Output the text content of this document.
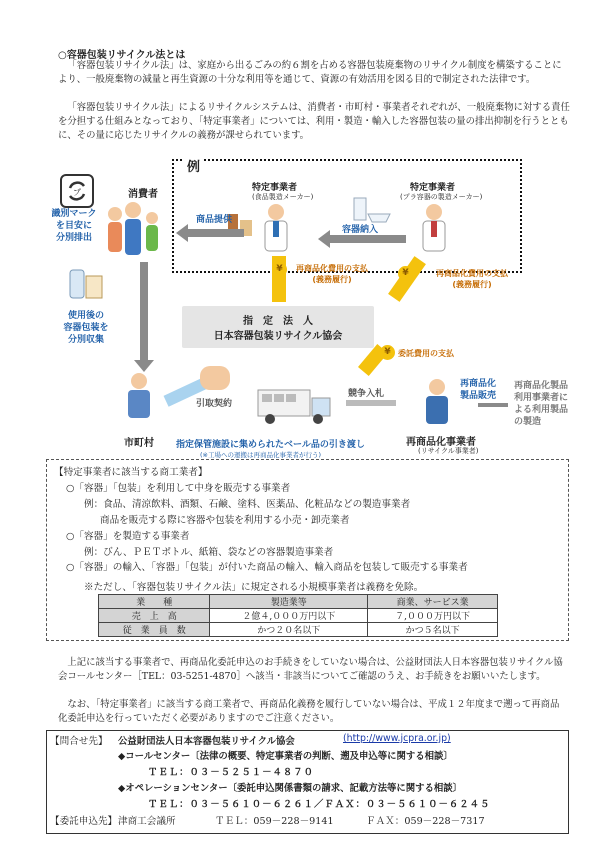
○容器包装リサイクル法とは
「容器包装リサイクル法」は、家庭から出るごみの約６割を占める容器包装廃棄物のリサイクル制度を構築することにより、一般廃棄物の減量と再生資源の十分な利用等を通じて、資源の有効活用を図る目的で制定された法律です。
「容器包装リサイクル法」によるリサイクルシステムは、消費者・市町村・事業者それぞれが、一般廃棄物に対する責任を分担する仕組みとなっており、「特定事業者」については、利用・製造・輸入した容器包装の量の排出抑制を行うとともに、その量に応じたリサイクルの義務が課せられています。
例
プ	消費者
識別マーク
を目安に
分別排出
使用後の
容器包装を
分別収集
特定事業者
(食品製造メーカー)
特定事業者
(プラ容器の製造メーカー)
商品提供
容器納入
¥	再商品化費用の支払
(義務履行)
¥	再商品化費用の支払
(義務履行)
指　定　法　人
日本容器包装リサイクル協会
¥ 委託費用の支払
市町村
引取契約
競争入札
再商品化事業者
(リサイクル事業者)
再商品化
製品販売
再商品化製品
利用事業者に
よる利用製品
の製造
指定保管施設に集められたベール品の引き渡し
(※工場への運搬は再商品化事業者が行う)
【特定事業者に該当する商工業者】
○「容器」「包装」を利用して中身を販売する事業者
例：食品、清涼飲料、酒類、石鹸、塗料、医薬品、化粧品などの製造事業者
商品を販売する際に容器や包装を利用する小売・卸売業者
○「容器」を製造する事業者
例：びん、ＰＥＴボトル、紙箱、袋などの容器製造事業者
○「容器」の輸入、「容器」「包装」が付いた商品の輸入、輸入商品を包装して販売する事業者
※ただし、「容器包装リサイクル法」に規定される小規模事業者は義務を免除。
業　　種	製造業等	商業、サービス業
売　上　高	２億４,０００万円以下	７,０００万円以下
従　業　員　数	かつ２０名以下	かつ５名以下
上記に該当する事業者で、再商品化委託申込のお手続きをしていない場合は、公益財団法人日本容器包装リサイクル協会コールセンター［TEL：03-5251-4870］へ該当・非該当についてご確認のうえ、お手続きをお願いいたします。
なお、「特定事業者」に該当する商工業者で、再商品化義務を履行していない場合は、平成１２年度まで遡って再商品化委託申込を行っていただく必要がありますのでご注意ください。
【問合せ先】 公益財団法人日本容器包装リサイクル協会	(http://www.jcpra.or.jp)
◆コールセンター〔法律の概要、特定事業者の判断、遡及申込等に関する相談〕
ＴＥＬ：０３－５２５１－４８７０
◆オペレーションセンター〔委託申込関係書類の請求、記載方法等に関する相談〕
ＴＥＬ：０３－５６１０－６２６１／ＦＡＸ：０３－５６１０－６２４５
【委託申込先】 津商工会議所	ＴＥＬ：059－228－9141	ＦＡＸ：059－228－7317
